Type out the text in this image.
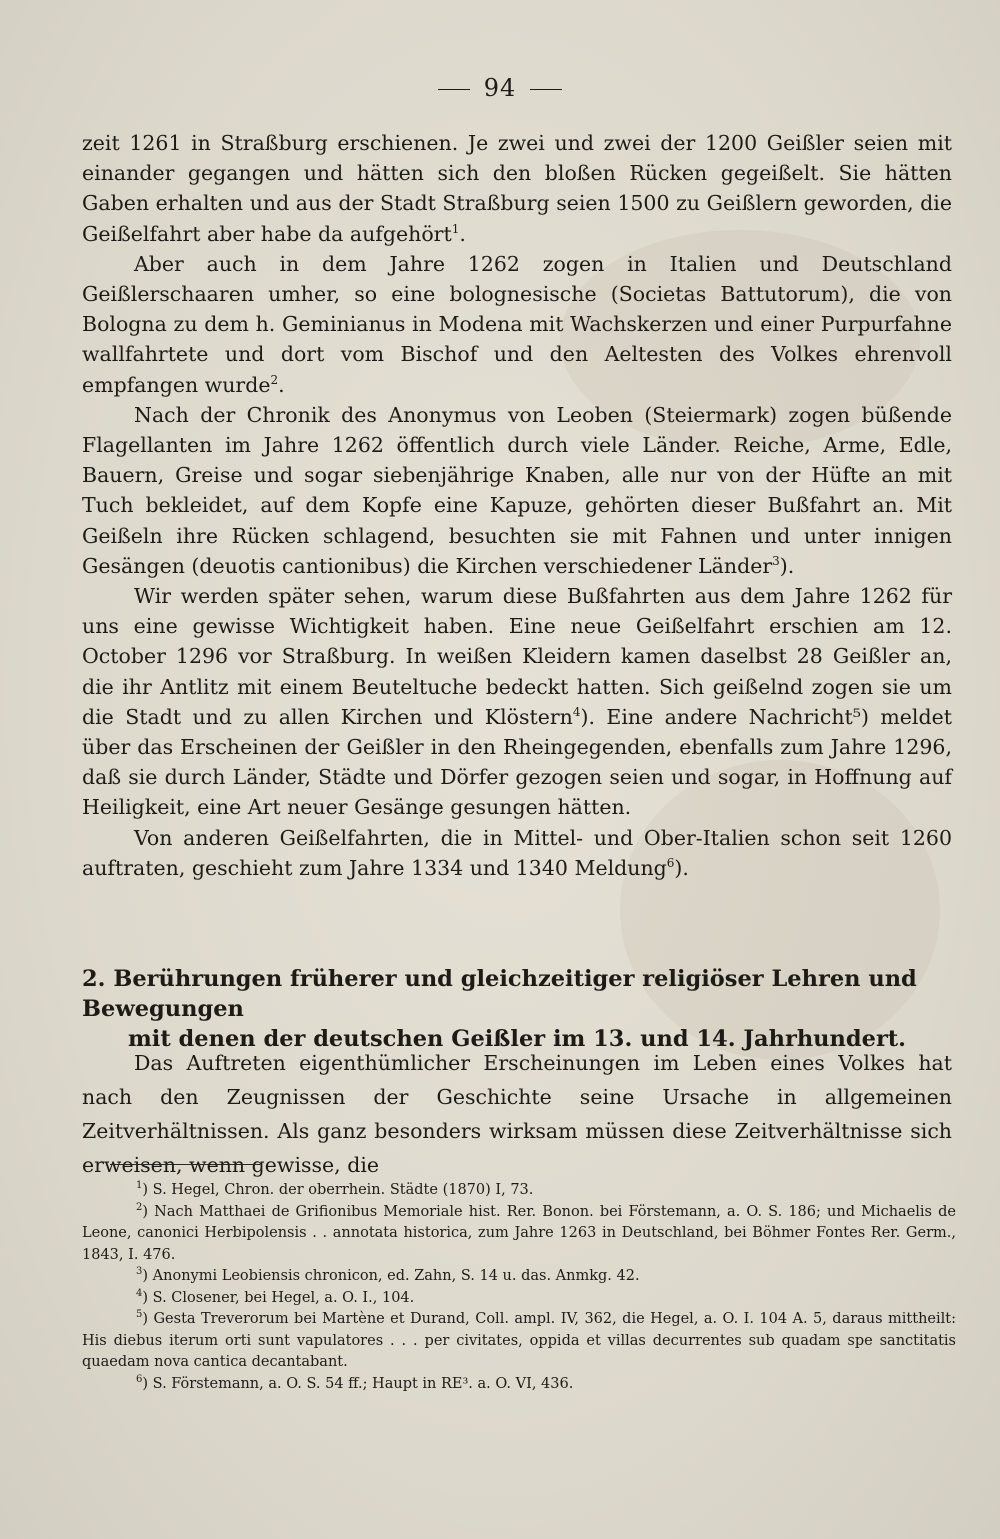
94

zeit 1261 in Straßburg erschienen. Je zwei und zwei der 1200 Geißler seien mit einander gegangen und hätten sich den bloßen Rücken gegeißelt. Sie hätten Gaben erhalten und aus der Stadt Straßburg seien 1500 zu Geißlern geworden, die Geißelfahrt aber habe da aufgehört$^1$.

Aber auch in dem Jahre 1262 zogen in Italien und Deutschland Geißlerschaaren umher, so eine bolognesische (Societas Battutorum), die von Bologna zu dem h. Geminianus in Modena mit Wachskerzen und einer Purpurfahne wallfahrtete und dort vom Bischof und den Aeltesten des Volkes ehrenvoll empfangen wurde$^2$.

Nach der Chronik des Anonymus von Leoben (Steiermark) zogen büßende Flagellanten im Jahre 1262 öffentlich durch viele Länder. Reiche, Arme, Edle, Bauern, Greise und sogar siebenjährige Knaben, alle nur von der Hüfte an mit Tuch bekleidet, auf dem Kopfe eine Kapuze, gehörten dieser Bußfahrt an. Mit Geißeln ihre Rücken schlagend, besuchten sie mit Fahnen und unter innigen Gesängen (deuotis cantionibus) die Kirchen verschiedener Länder$^3$).

Wir werden später sehen, warum diese Bußfahrten aus dem Jahre 1262 für uns eine gewisse Wichtigkeit haben. Eine neue Geißelfahrt erschien am 12. October 1296 vor Straßburg. In weißen Kleidern kamen daselbst 28 Geißler an, die ihr Antlitz mit einem Beuteltuche bedeckt hatten. Sich geißelnd zogen sie um die Stadt und zu allen Kirchen und Klöstern$^4$). Eine andere Nachricht⁵) meldet über das Erscheinen der Geißler in den Rheingegenden, ebenfalls zum Jahre 1296, daß sie durch Länder, Städte und Dörfer gezogen seien und sogar, in Hoffnung auf Heiligkeit, eine Art neuer Gesänge gesungen hätten.

Von anderen Geißelfahrten, die in Mittel- und Ober-Italien schon seit 1260 auftraten, geschieht zum Jahre 1334 und 1340 Meldung$^6$).

2. Berührungen früherer und gleichzeitiger religiöser Lehren und Bewegungen
mit denen der deutschen Geißler im 13. und 14. Jahrhundert.

Das Auftreten eigenthümlicher Erscheinungen im Leben eines Volkes hat nach den Zeugnissen der Geschichte seine Ursache in allgemeinen Zeitverhältnissen. Als ganz besonders wirksam müssen diese Zeitverhältnisse sich erweisen, wenn gewisse, die

$^1$) S. Hegel, Chron. der oberrhein. Städte (1870) I, 73.

$^2$) Nach Matthaei de Grifionibus Memoriale hist. Rer. Bonon. bei Förstemann, a. O. S. 186; und Michaelis de Leone, canonici Herbipolensis . . annotata historica, zum Jahre 1263 in Deutschland, bei Böhmer Fontes Rer. Germ., 1843, I. 476.

$^3$) Anonymi Leobiensis chronicon, ed. Zahn, S. 14 u. das. Anmkg. 42.

$^4$) S. Closener, bei Hegel, a. O. I., 104.

$^5$) Gesta Treverorum bei Martène et Durand, Coll. ampl. IV, 362, die Hegel, a. O. I. 104 A. 5, daraus mittheilt: His diebus iterum orti sunt vapulatores . . . per civitates, oppida et villas decurrentes sub quadam spe sanctitatis quaedam nova cantica decantabant.

$^6$) S. Förstemann, a. O. S. 54 ff.; Haupt in RE³. a. O. VI, 436.
